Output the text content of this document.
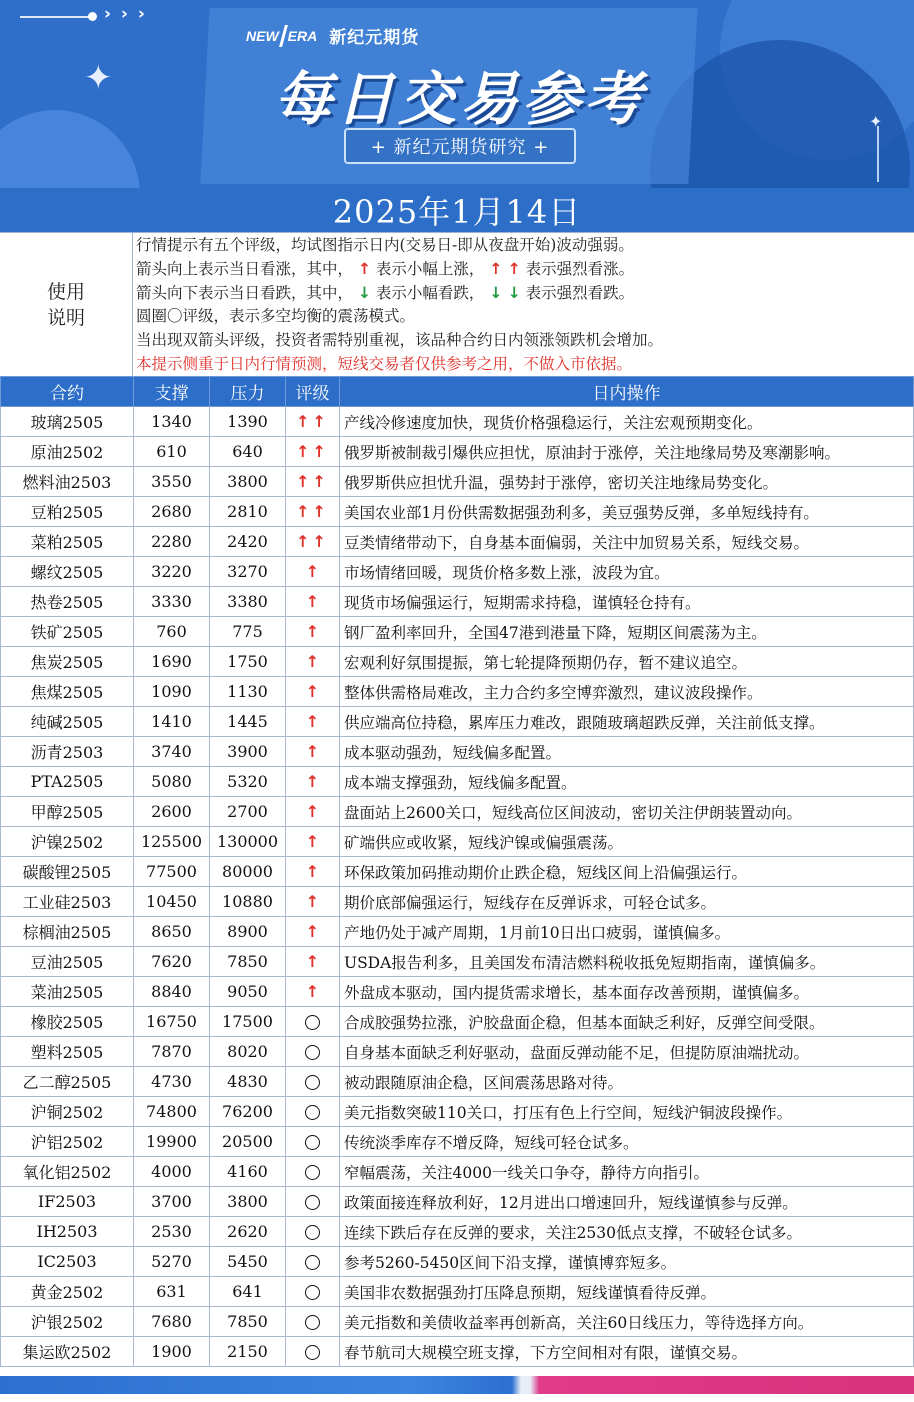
› › ›
✦
✦
NEW ERA 新纪元期货
每日交易参考
+ 新纪元期货研究 +
2025年1月14日
使用
说明
行情提示有五个评级，均试图指示日内(交易日-即从夜盘开始)波动强弱。
箭头向上表示当日看涨，其中， ↑ 表示小幅上涨， ↑ ↑ 表示强烈看涨。
箭头向下表示当日看跌，其中， ↓ 表示小幅看跌， ↓ ↓ 表示强烈看跌。
圆圈〇评级，表示多空均衡的震荡模式。
当出现双箭头评级，投资者需特别重视，该品种合约日内领涨领跌机会增加。
本提示侧重于日内行情预测，短线交易者仅供参考之用，不做入市依据。
合约	支撑	压力	评级	日内操作
玻璃2505	1340	1390	↑↑	产线冷修速度加快，现货价格强稳运行，关注宏观预期变化。
原油2502	610	640	↑↑	俄罗斯被制裁引爆供应担忧，原油封于涨停，关注地缘局势及寒潮影响。
燃料油2503	3550	3800	↑↑	俄罗斯供应担忧升温，强势封于涨停，密切关注地缘局势变化。
豆粕2505	2680	2810	↑↑	美国农业部1月份供需数据强劲利多，美豆强势反弹，多单短线持有。
菜粕2505	2280	2420	↑↑	豆类情绪带动下，自身基本面偏弱，关注中加贸易关系，短线交易。
螺纹2505	3220	3270	↑	市场情绪回暖，现货价格多数上涨，波段为宜。
热卷2505	3330	3380	↑	现货市场偏强运行，短期需求持稳，谨慎轻仓持有。
铁矿2505	760	775	↑	钢厂盈利率回升，全国47港到港量下降，短期区间震荡为主。
焦炭2505	1690	1750	↑	宏观利好氛围提振，第七轮提降预期仍存，暂不建议追空。
焦煤2505	1090	1130	↑	整体供需格局难改，主力合约多空博弈激烈，建议波段操作。
纯碱2505	1410	1445	↑	供应端高位持稳，累库压力难改，跟随玻璃超跌反弹，关注前低支撑。
沥青2503	3740	3900	↑	成本驱动强劲，短线偏多配置。
PTA2505	5080	5320	↑	成本端支撑强劲，短线偏多配置。
甲醇2505	2600	2700	↑	盘面站上2600关口，短线高位区间波动，密切关注伊朗装置动向。
沪镍2502	125500	130000	↑	矿端供应或收紧，短线沪镍或偏强震荡。
碳酸锂2505	77500	80000	↑	环保政策加码推动期价止跌企稳，短线区间上沿偏强运行。
工业硅2503	10450	10880	↑	期价底部偏强运行，短线存在反弹诉求，可轻仓试多。
棕榈油2505	8650	8900	↑	产地仍处于减产周期，1月前10日出口疲弱，谨慎偏多。
豆油2505	7620	7850	↑	USDA报告利多，且美国发布清洁燃料税收抵免短期指南，谨慎偏多。
菜油2505	8840	9050	↑	外盘成本驱动，国内提货需求增长，基本面存改善预期，谨慎偏多。
橡胶2505	16750	17500		合成胶强势拉涨，沪胶盘面企稳，但基本面缺乏利好，反弹空间受限。
塑料2505	7870	8020		自身基本面缺乏利好驱动，盘面反弹动能不足，但提防原油端扰动。
乙二醇2505	4730	4830		被动跟随原油企稳，区间震荡思路对待。
沪铜2502	74800	76200		美元指数突破110关口，打压有色上行空间，短线沪铜波段操作。
沪铝2502	19900	20500		传统淡季库存不增反降，短线可轻仓试多。
氧化铝2502	4000	4160		窄幅震荡，关注4000一线关口争夺，静待方向指引。
IF2503	3700	3800		政策面接连释放利好，12月进出口增速回升，短线谨慎参与反弹。
IH2503	2530	2620		连续下跌后存在反弹的要求，关注2530低点支撑，不破轻仓试多。
IC2503	5270	5450		参考5260-5450区间下沿支撑，谨慎博弈短多。
黄金2502	631	641		美国非农数据强劲打压降息预期，短线谨慎看待反弹。
沪银2502	7680	7850		美元指数和美债收益率再创新高，关注60日线压力，等待选择方向。
集运欧2502	1900	2150		春节航司大规模空班支撑，下方空间相对有限，谨慎交易。
